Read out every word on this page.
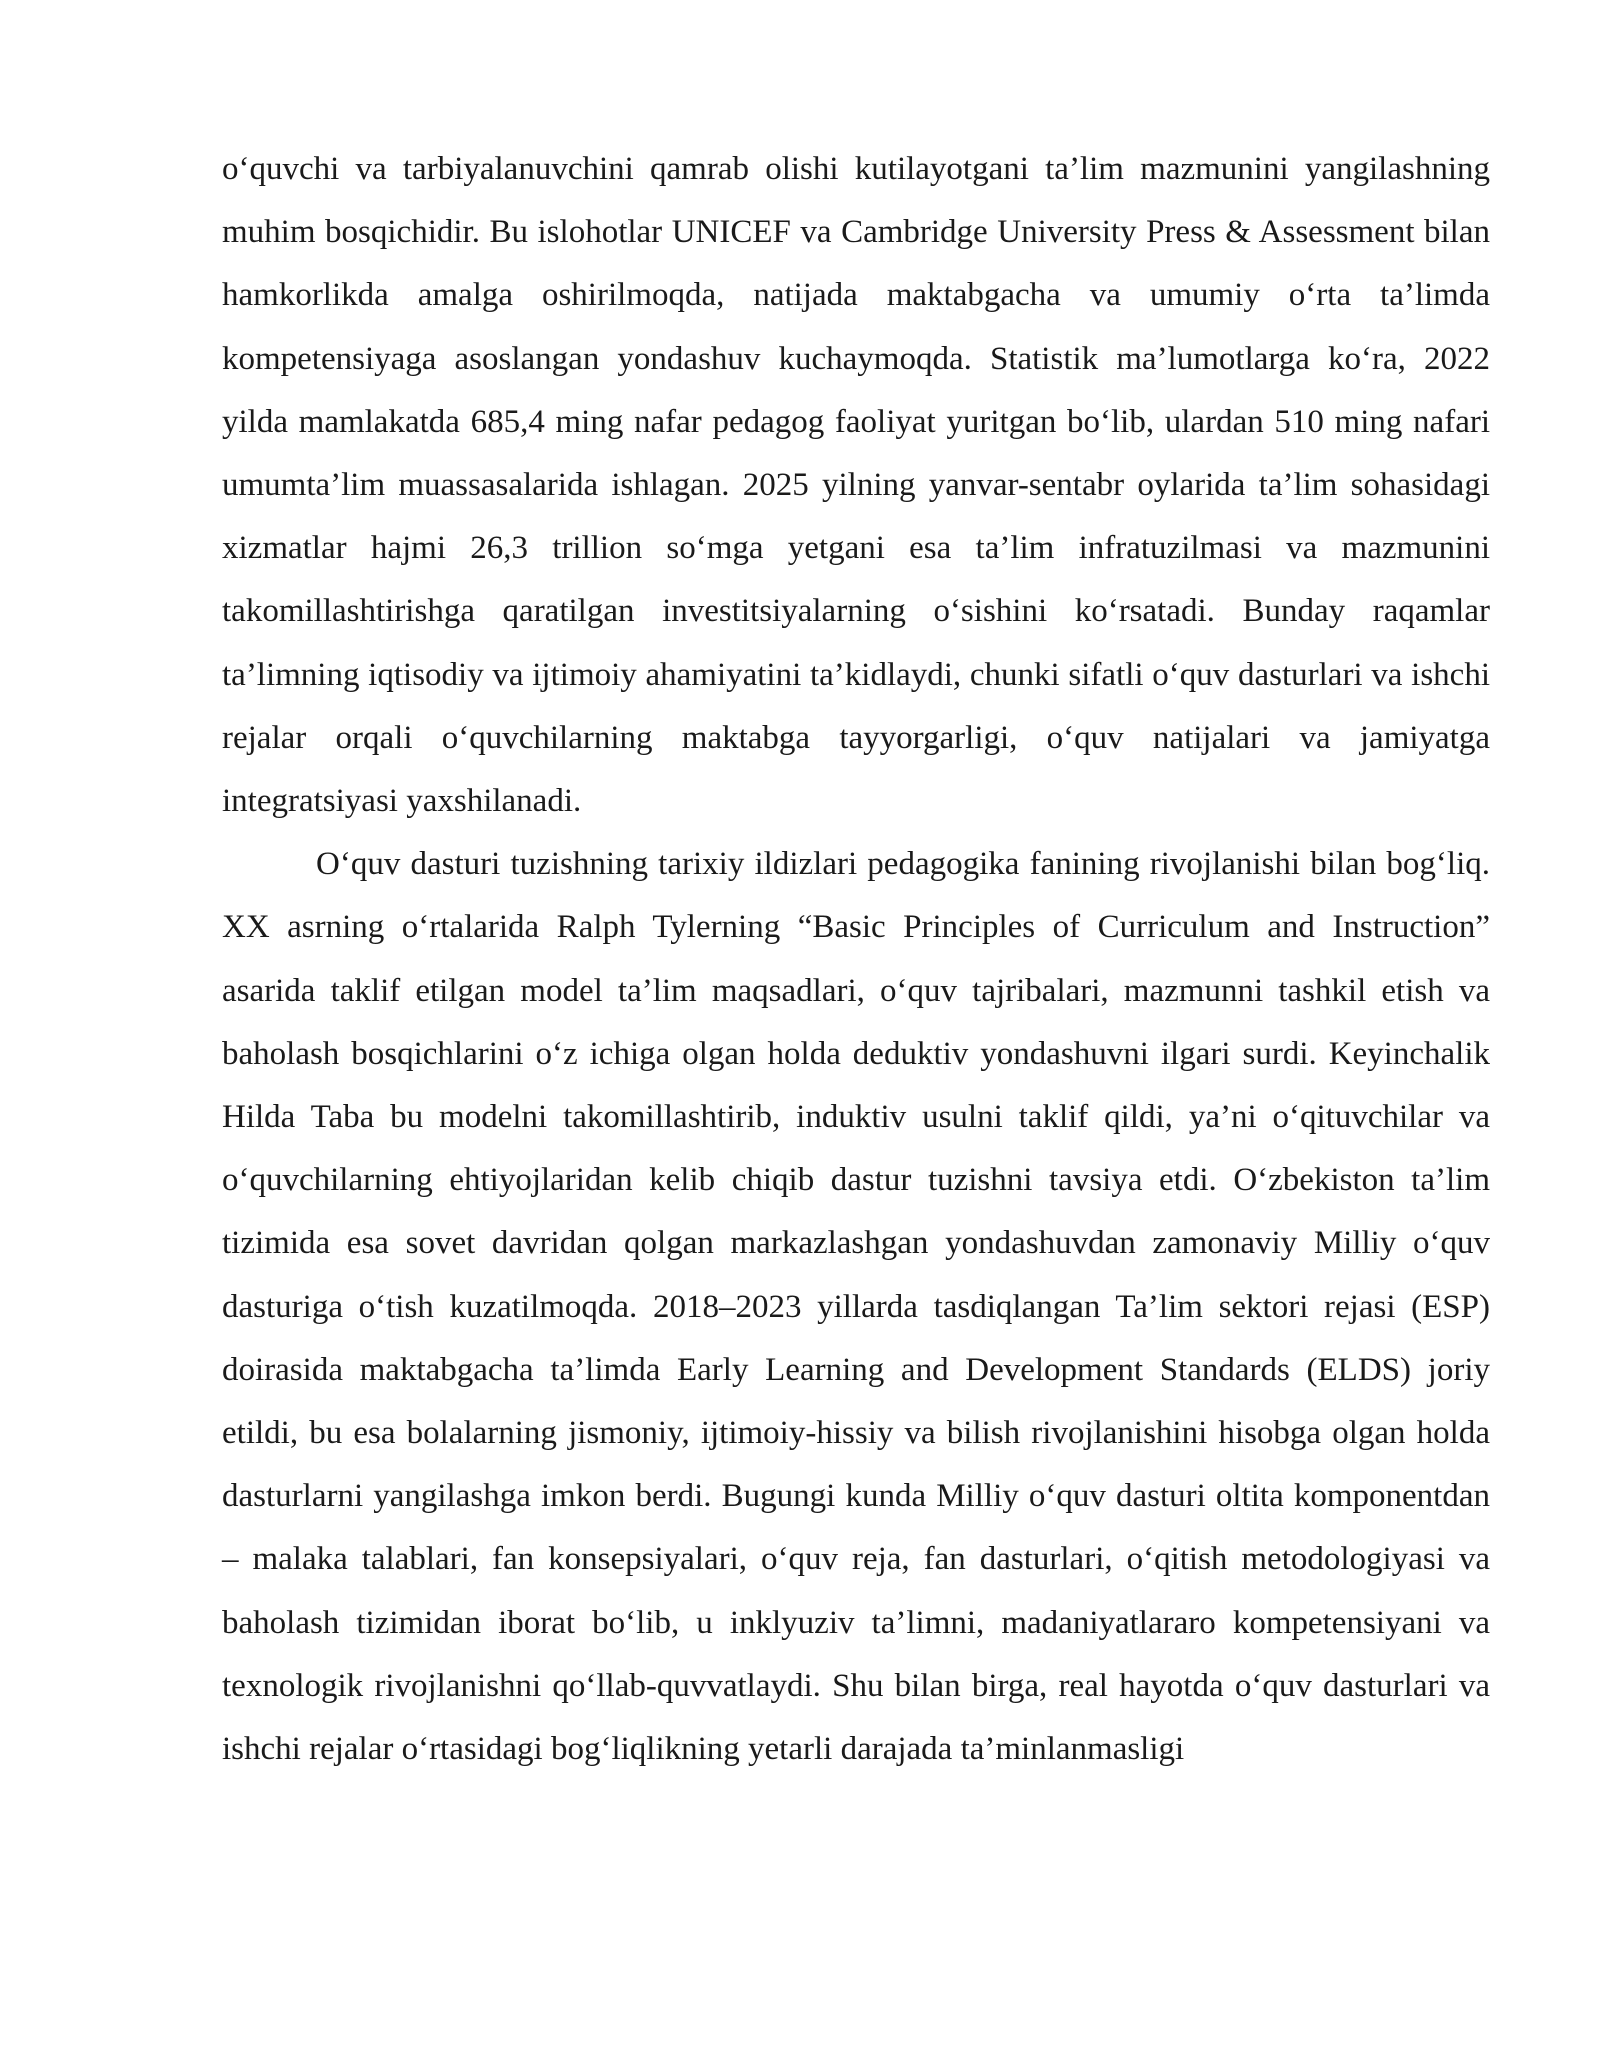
o‘quvchi va tarbiyalanuvchini qamrab olishi kutilayotgani ta’lim mazmunini yangilashning muhim bosqichidir. Bu islohotlar UNICEF va Cambridge University Press & Assessment bilan hamkorlikda amalga oshirilmoqda, natijada maktabgacha va umumiy o‘rta ta’limda kompetensiyaga asoslangan yondashuv kuchaymoqda. Statistik ma’lumotlarga ko‘ra, 2022 yilda mamlakatda 685,4 ming nafar pedagog faoliyat yuritgan bo‘lib, ulardan 510 ming nafari umumta’lim muassasalarida ishlagan. 2025 yilning yanvar-sentabr oylarida ta’lim sohasidagi xizmatlar hajmi 26,3 trillion so‘mga yetgani esa ta’lim infratuzilmasi va mazmunini takomillashtirishga qaratilgan investitsiyalarning o‘sishini ko‘rsatadi. Bunday raqamlar ta’limning iqtisodiy va ijtimoiy ahamiyatini ta’kidlaydi, chunki sifatli o‘quv dasturlari va ishchi rejalar orqali o‘quvchilarning maktabga tayyorgarligi, o‘quv natijalari va jamiyatga integratsiyasi yaxshilanadi.

O‘quv dasturi tuzishning tarixiy ildizlari pedagogika fanining rivojlanishi bilan bog‘liq. XX asrning o‘rtalarida Ralph Tylerning “Basic Principles of Curriculum and Instruction” asarida taklif etilgan model ta’lim maqsadlari, o‘quv tajribalari, mazmunni tashkil etish va baholash bosqichlarini o‘z ichiga olgan holda deduktiv yondashuvni ilgari surdi. Keyinchalik Hilda Taba bu modelni takomillashtirib, induktiv usulni taklif qildi, ya’ni o‘qituvchilar va o‘quvchilarning ehtiyojlaridan kelib chiqib dastur tuzishni tavsiya etdi. O‘zbekiston ta’lim tizimida esa sovet davridan qolgan markazlashgan yondashuvdan zamonaviy Milliy o‘quv dasturiga o‘tish kuzatilmoqda. 2018–2023 yillarda tasdiqlangan Ta’lim sektori rejasi (ESP) doirasida maktabgacha ta’limda Early Learning and Development Standards (ELDS) joriy etildi, bu esa bolalarning jismoniy, ijtimoiy-hissiy va bilish rivojlanishini hisobga olgan holda dasturlarni yangilashga imkon berdi. Bugungi kunda Milliy o‘quv dasturi oltita komponentdan – malaka talablari, fan konsepsiyalari, o‘quv reja, fan dasturlari, o‘qitish metodologiyasi va baholash tizimidan iborat bo‘lib, u inklyuziv ta’limni, madaniyatlararo kompetensiyani va texnologik rivojlanishni qo‘llab-quvvatlaydi. Shu bilan birga, real hayotda o‘quv dasturlari va ishchi rejalar o‘rtasidagi bog‘liqlikning yetarli darajada ta’minlanmasligi
